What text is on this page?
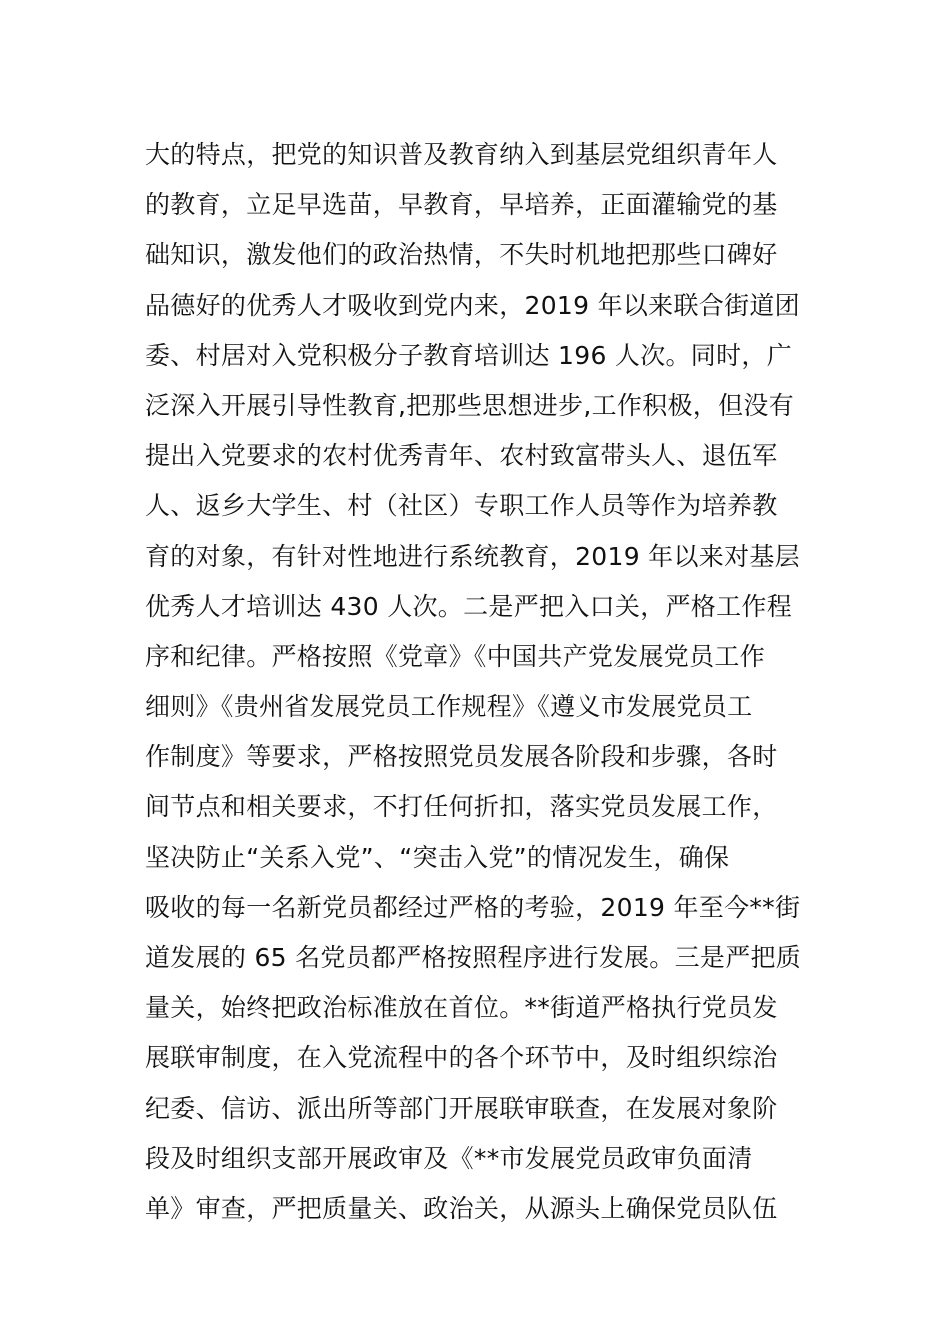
大的特点，把党的知识普及教育纳入到基层党组织青年人
的教育，立足早选苗，早教育，早培养，正面灌输党的基
础知识，激发他们的政治热情，不失时机地把那些口碑好
品德好的优秀人才吸收到党内来，2019 年以来联合街道团
委、村居对入党积极分子教育培训达 196 人次。同时，广
泛深入开展引导性教育,把那些思想进步,工作积极，但没有
提出入党要求的农村优秀青年、农村致富带头人、退伍军
人、返乡大学生、村（社区）专职工作人员等作为培养教
育的对象，有针对性地进行系统教育，2019 年以来对基层
优秀人才培训达 430 人次。二是严把入口关，严格工作程
序和纪律。严格按照《党章》《中国共产党发展党员工作
细则》《贵州省发展党员工作规程》《遵义市发展党员工
作制度》等要求，严格按照党员发展各阶段和步骤，各时
间节点和相关要求，不打任何折扣，落实党员发展工作，
坚决防止“关系入党”、“突击入党”的情况发生，确保
吸收的每一名新党员都经过严格的考验，2019 年至今**街
道发展的 65 名党员都严格按照程序进行发展。三是严把质
量关，始终把政治标准放在首位。**街道严格执行党员发
展联审制度，在入党流程中的各个环节中，及时组织综治
纪委、信访、派出所等部门开展联审联查，在发展对象阶
段及时组织支部开展政审及《**市发展党员政审负面清
单》审查，严把质量关、政治关，从源头上确保党员队伍
